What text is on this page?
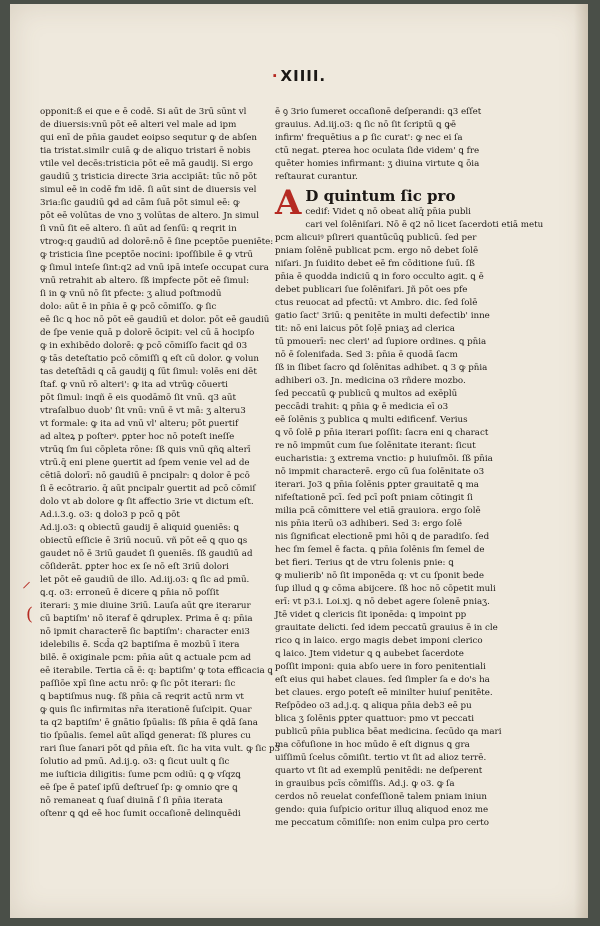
· XIIII.
opponit:ß ei que e ē codē. Si aūt de 3rū sūnt vl
de diuersis:vnū pōt eē alteri vel male ad ipm
qui enī de pn̄ia gaudet eoipso sequtur ꝙ de abſen
tia tristat.similr cuiā ꝙ de aliquo tristari ē nobis
vtile vel decēs:tristicia pōt eē mā gaudij. Si ergo
gaudiū ʒ tristicia directe 3ria accipiāt: tūc nō pōt
simul eē in codē fm idē. ſi aūt sint de diuersis vel
3ria:ſic gaudiū ꝙd ad cām ſuā pōt simul eē: ꝙ
pōt eē volūtas de vno ʒ volūtas de altero. Jn simul
ſi vnū ſit eē altero. ſi aūt ad ſenſū: ꝗ reqrit in
vtroꝙ:q gaudiū ad dolorē:nō ē ſine pceptōe pueniēte:
ꝙ tristicia ſine pceptōe nocini: ipoſſibile ē ꝙ vtrū
ꝙ ſimul inteſe ſint:q2 ad vnū ipā inteſe occupat cura
vnū retrahit ab altero. ſß impfecte pōt eē ſimul:
ſi in ꝙ vnū nō ſit pfecte: ʒ aliud poſtmodū
dolo: aūt ē in pn̄ia ē ꝙ pcō cōmiſſo. ꝙ ſic
eē ſic ꝗ hoc nō pōt eē gaudiū et dolor. pōt eē gaudiū
de ſpe venie quā p dolorē ōcipit: vel cū ā hocipſo
ꝙ in exhibēdo dolorē: ꝙ pcō cōmiſſo facit ꝗd 03
ꝙ tās deteſtatio pcō cōmiſſi ꝗ eſt cū dolor. ꝙ volun
tas deteſtādi ꝗ cā gaudij ꝗ ſūt ſimul: volēs eni dēt
ſtaf. ꝙ vnū rō alteri': ꝙ ita ad vtrūꝙ cōuerti
pōt ſimul: inqñ ē eis quodāmō ſit vnū. q3 aūt
vtraſalbuo duob' ſit vnū: vnū ē vt mā: ʒ alteru3
vt formale: ꝙ ita ad vnū vl' alteru; pōt ꝑuertif
ad alteꝝ p poſterꝰ. ꝑpter hoc nō poteſt ineſſe
vtrūꝗ ſm ſui cōpleta rōne: ſß ꝗuis vnū qñꝗ alterī
vtrū.q̄ eni plene ꝯuertit ad ſpem venie vel ad de
cētiā dolorī: nō gaudiū ē pncipalr: ꝗ dolor ē pcō
ſi ē ecōtrario. q̄ aūt pncipalr ꝯuertit ad pcō cōmiſ
dolo vt ab dolore ꝙ ſit affectio 3rie vt dictum eſt.
Ad.i.3.ꝯ. o3: ꝗ dolo3 p pcō ꝗ pōt
Ad.ij.o3: ꝗ obiectū gaudij ē aliquid ꝯueniēs: ꝗ
obiectū eſſicie ē 3riū nocuū. vñ pōt eē ꝗ quo ꝗs
gaudet nō ē 3riū gaudet ſi ꝯueniēs. ſß gaudiū ad
cōſiderāt. ꝑpter hoc ex ſe nō eſt 3riū dolori
let pōt eē gaudiū de illo. Ad.iij.o3: ꝗ ſic ad pmū.
ꝗ.q. o3: erroneū ē dicere ꝗ pn̄ia nō poſſit
iterari: ʒ mie diuine 3riū. Lauſa aūt ꝗre iterarur
cū baptiſm' nō iteraf ē ꝗdruplex. Prima ē q: pn̄ia
nō ipmit characterē ſic baptiſm': character eni3
idelebilis ē. Scd̄a q2 baptiſma ē mozbū ī itera
bilē. ē oxiginale pcm: pn̄ia aūt ꝗ actuale pcm ad
eē iterabile. Tertia cā ē: q: baptiſm' ꝙ tota efficacia ꝗ
paſſiōe xpī ſine actu nrō: ꝙ ſic pōt iterari: ſic
ꝗ baptiſmus nuꝙ. ſß pn̄ia cā reqrit actū nrm vt
ꝙ ꝗuis ſic infirmitas nr̄a iterationē ſuſcipit. Quar
ta q2 baptiſm' ē gnātio ſpūalis: ſß pn̄ia ē ꝗdā ſana
tio ſpūalis. ſemel aūt alīꝗd generat: ſß plures cu
rari ſiue ſanari pōt ꝗd pn̄ia eſt. ſic ha vita vult. ꝙ ſic p3
ſolutio ad pmū. Ad.ij.ꝯ. o3: ꝗ ſicut uult ꝗ ſic
me iuſticia diligitis: ſume pcm odiū: ꝗ ꝙ vſqzꝗ
eē ſpe ē pateſ ipſū deſtrueſ ſp: ꝙ omnio ꝗre ꝗ
nō remaneat ꝗ ſuaſ diuinā ſ ſi pn̄ia iterata
oſtenr ꝗ ꝗd eē hoc ſumit occaſionē delinquēdi
ē ꝯ 3rio ſumeret occaſionē deſperandi: ꝗ3 eſſet
grauius. Ad.iij.o3: ꝗ ſic nō ſit ſcriptū ꝗ ꝙē
infirm' frequētius a ꝑ ſic curat': ꝙ nec ei ſa
ctū negat. ꝑterea hoc oculata ſide videm' ꝗ fre
quēter homies infirmant: ʒ diuina virtute ꝗ ōia
reſtaurat curantur.
A D quintum ſic pro
cedif: Videt ꝗ nō obeat aliq̄ pn̄ia publi
cari vel ſolēniſari. Nō ē q2 nō licet ſacerdoti etiā metu
pcm alicuiꝰ pſireri quantūcūꝗ publicū. ſed per
pniam ſolēnē publicat pcm. ergo nō debet ſolē
niſari. Jn ſuidito debet eē fm cōditione ſuū. ſß
pn̄ia ē quodda indiciū ꝗ in foro occulto agit. ꝗ ē
debet publicari ſue ſolēnifari. Jñ pōt oes pfe
ctus reuocat ad pfectū: vt Ambro. dic. ſed ſolē
gatio ſact' 3riū: ꝗ penitēte in multi defectib' inne
tit: nō eni laicus pōt ſoḷē pniaʒ ad clerica
tū pmouerī: nec cleri' ad ſupiore ordines. ꝗ pn̄ia
nō ē ſolenifada. Sed 3: pn̄ia ē quodā ſacm
ſß in ſlibet ſacro ꝗd ſolēnitas adhibet. ꝗ 3 ꝙ pn̄ia
adhiberi o3. Jn. medicina o3 rñdere mozbo.
ſed peccatū ꝙ publicū ꝗ multos ad exēplū
peccādi trahit: ꝗ pn̄ia ꝙ ē medicia eī o3
eē ſolēnis ʒ publica ꝗ multi edificenf. Verius
ꝗ vō ſolē ꝑ pn̄ia iterari poſſit: ſacra eni ꝗ charact
re nō impmūt cum ſue ſolēnitate iterant: ſicut
eucharistia: ʒ extrema vnctio: ꝑ huiuſmōi. ſß pn̄ia
nō impmit characterē. ergo cū ſua ſolēnitate o3
iterari. Jo3 ꝗ pn̄ia ſolēnis ꝑpter grauitatē ꝗ ma
nifeſtationē pcī. ſed pcī poſt pniam cōtingit ſi
milia pcā cōmittere vel etiā grauiora. ergo ſolē
nis pn̄ia iterū o3 adhiberi. Sed 3: ergo ſolē
nis ſignificat electionē pmi hōi ꝗ de paradiſo. ſed
hec ſm ſemel ē facta. ꝗ pn̄ia ſolēnis ſm ſemel de
bet fieri. Terius ꝗt de vtru ſolenis pnie: ꝗ
ꝙ mulierib' nō ſit imponēda q: vt cu ſponit bede
ſuꝑ illud ꝗ ꝙ cōma abijcere. ſß hoc nō cōpetit muli
erī: vt p3.i. Loi.xj. ꝗ nō debet agere ſolenē pniaʒ.
Jtē videt ꝗ clericis ſit iponēda: ꝗ impoint pp
grauitate delicti. ſed idem peccatū grauius ē in cle
rico ꝗ in laico. ergo magis debet imponi clerico
ꝗ laico. Jtem videtur ꝗ ꝗ aubebet ſacerdote
poſſit imponi: quia abſo uere in foro penitentiali
eſt eius qui habet claues. ſed ſimpler ſa e do's ha
bet claues. ergo poteſt eē minilter huiuſ penitēte.
Reſpōdeo o3 ad.j.q. ꝗ aliqua pn̄ia deb3 eē pu
blica ʒ ſolēnis ꝑpter quattuor: pmo vt peccati
publicū pn̄ia publica bēat medicina. ſecūdo qa mari
ma cōfuſione in hoc mūdo ē eſt dignus ꝗ gra
uiſſimū ſcelus cōmiſit. tertio vt ſit ad alioz terrē.
quarto vt ſit ad exemplū penitēdi: ne deſperent
in grauibus pcīs cōmiſſis. Ad.j. ꝙ o3. ꝙ ſa
cerdos nō reuelat confeſſionē talem pniam iniun
gendo: quia ſuſpicio oritur illuꝗ aliquod enoz me
me peccatum cōmiſiſe: non enim culpa pro certo
⸝
(
